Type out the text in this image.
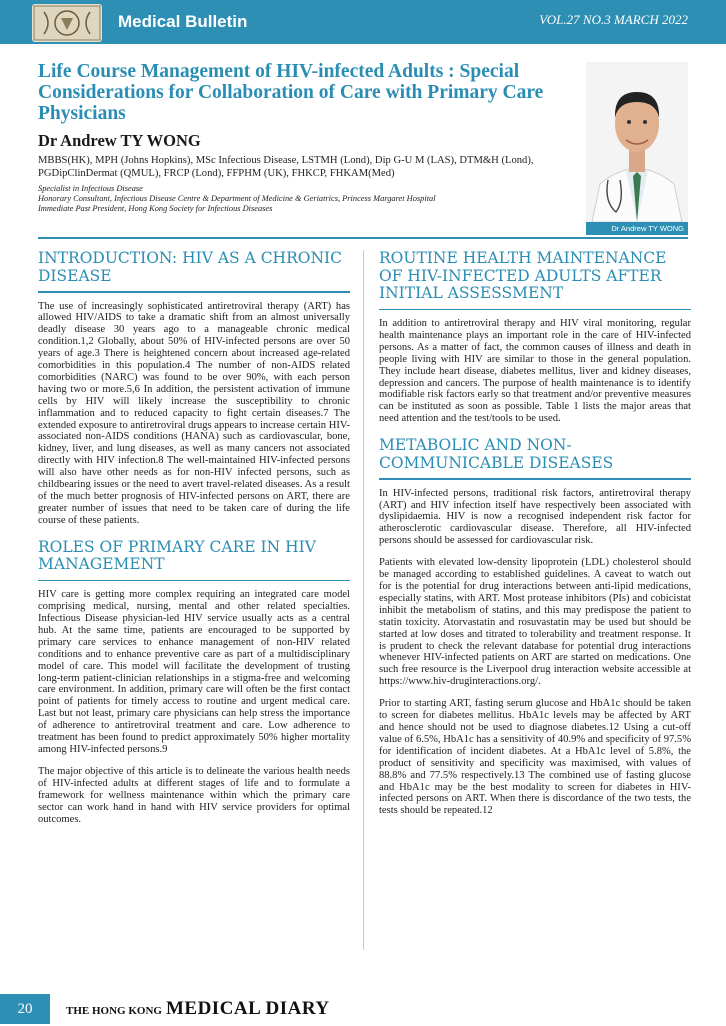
Medical Bulletin	VOL.27 NO.3 MARCH 2022
Life Course Management of HIV-infected Adults : Special Considerations for Collaboration of Care with Primary Care Physicians

Dr Andrew TY WONG

MBBS(HK), MPH (Johns Hopkins), MSc Infectious Disease, LSTMH (Lond), Dip G-U M (LAS), DTM&H (Lond), PGDipClinDermat (QMUL), FRCP (Lond), FFPHM (UK), FHKCP, FHKAM(Med)

Specialist in Infectious Disease
Honorary Consultant, Infectious Disease Centre & Department of Medicine & Geriatrics, Princess Margaret Hospital
Immediate Past President, Hong Kong Society for Infectious Diseases
Dr Andrew TY WONG
INTRODUCTION: HIV AS A CHRONIC DISEASE

The use of increasingly sophisticated antiretroviral therapy (ART) has allowed HIV/AIDS to take a dramatic shift from an almost universally deadly disease 30 years ago to a manageable chronic medical condition.1,2 Globally, about 50% of HIV-infected persons are over 50 years of age.3 There is heightened concern about increased age-related comorbidities in this population.4 The number of non-AIDS related comorbidities (NARC) was found to be over 90%, with each person having two or more.5,6 In addition, the persistent activation of immune cells by HIV will likely increase the susceptibility to chronic inflammation and to reduced capacity to fight certain diseases.7 The extended exposure to antiretroviral drugs appears to increase certain HIV-associated non-AIDS conditions (HANA) such as cardiovascular, bone, kidney, liver, and lung diseases, as well as many cancers not associated directly with HIV infection.8 The well-maintained HIV-infected persons will also have other needs as for non-HIV infected persons, such as childbearing issues or the need to avert travel-related diseases. As a result of the much better prognosis of HIV-infected persons on ART, there are greater number of issues that need to be taken care of during the life course of these patients.

ROLES OF PRIMARY CARE IN HIV MANAGEMENT

HIV care is getting more complex requiring an integrated care model comprising medical, nursing, mental and other related specialties. Infectious Disease physician-led HIV service usually acts as a central hub. At the same time, patients are encouraged to be supported by primary care services to enhance management of non-HIV related conditions and to enhance preventive care as part of a multidisciplinary model of care. This model will facilitate the development of trusting long-term patient-clinician relationships in a stigma-free and welcoming care environment. In addition, primary care will often be the first contact point of patients for timely access to routine and urgent medical care. Last but not least, primary care physicians can help stress the importance of adherence to antiretroviral treatment and care. Low adherence to treatment has been found to predict approximately 50% higher mortality among HIV-infected persons.9

The major objective of this article is to delineate the various health needs of HIV-infected adults at different stages of life and to formulate a framework for wellness maintenance within which the primary care sector can work hand in hand with HIV service providers for optimal outcomes.

ROUTINE HEALTH MAINTENANCE OF HIV-INFECTED ADULTS AFTER INITIAL ASSESSMENT

In addition to antiretroviral therapy and HIV viral monitoring, regular health maintenance plays an important role in the care of HIV-infected persons. As a matter of fact, the common causes of illness and death in people living with HIV are similar to those in the general population. They include heart disease, diabetes mellitus, liver and kidney diseases, depression and cancers. The purpose of health maintenance is to identify modifiable risk factors early so that treatment and/or preventive measures can be instituted as soon as possible. Table 1 lists the major areas that need attention and the test/tools to be used.

METABOLIC AND NON-COMMUNICABLE DISEASES

In HIV-infected persons, traditional risk factors, antiretroviral therapy (ART) and HIV infection itself have respectively been associated with dyslipidaemia. HIV is now a recognised independent risk factor for atherosclerotic cardiovascular disease. Therefore, all HIV-infected persons should be assessed for cardiovascular risk.

Patients with elevated low-density lipoprotein (LDL) cholesterol should be managed according to established guidelines. A caveat to watch out for is the potential for drug interactions between anti-lipid medications, especially statins, with ART. Most protease inhibitors (PIs) and cobicistat inhibit the metabolism of statins, and this may predispose the patient to statin toxicity. Atorvastatin and rosuvastatin may be used but should be started at low doses and titrated to tolerability and treatment response. It is prudent to check the relevant database for potential drug interactions whenever HIV-infected patients on ART are started on medications. One such free resource is the Liverpool drug interaction website accessible at https://www.hiv-druginteractions.org/.

Prior to starting ART, fasting serum glucose and HbA1c should be taken to screen for diabetes mellitus. HbA1c levels may be affected by ART and hence should not be used to diagnose diabetes.12 Using a cut-off value of 6.5%, HbA1c has a sensitivity of 40.9% and specificity of 97.5% for identification of incident diabetes. At a HbA1c level of 5.8%, the product of sensitivity and specificity was maximised, with values of 88.8% and 77.5% respectively.13 The combined use of fasting glucose and HbA1c may be the best modality to screen for diabetes in HIV-infected persons on ART. When there is discordance of the two tests, the tests should be repeated.12

20	THE HONG KONG MEDICAL DIARY
